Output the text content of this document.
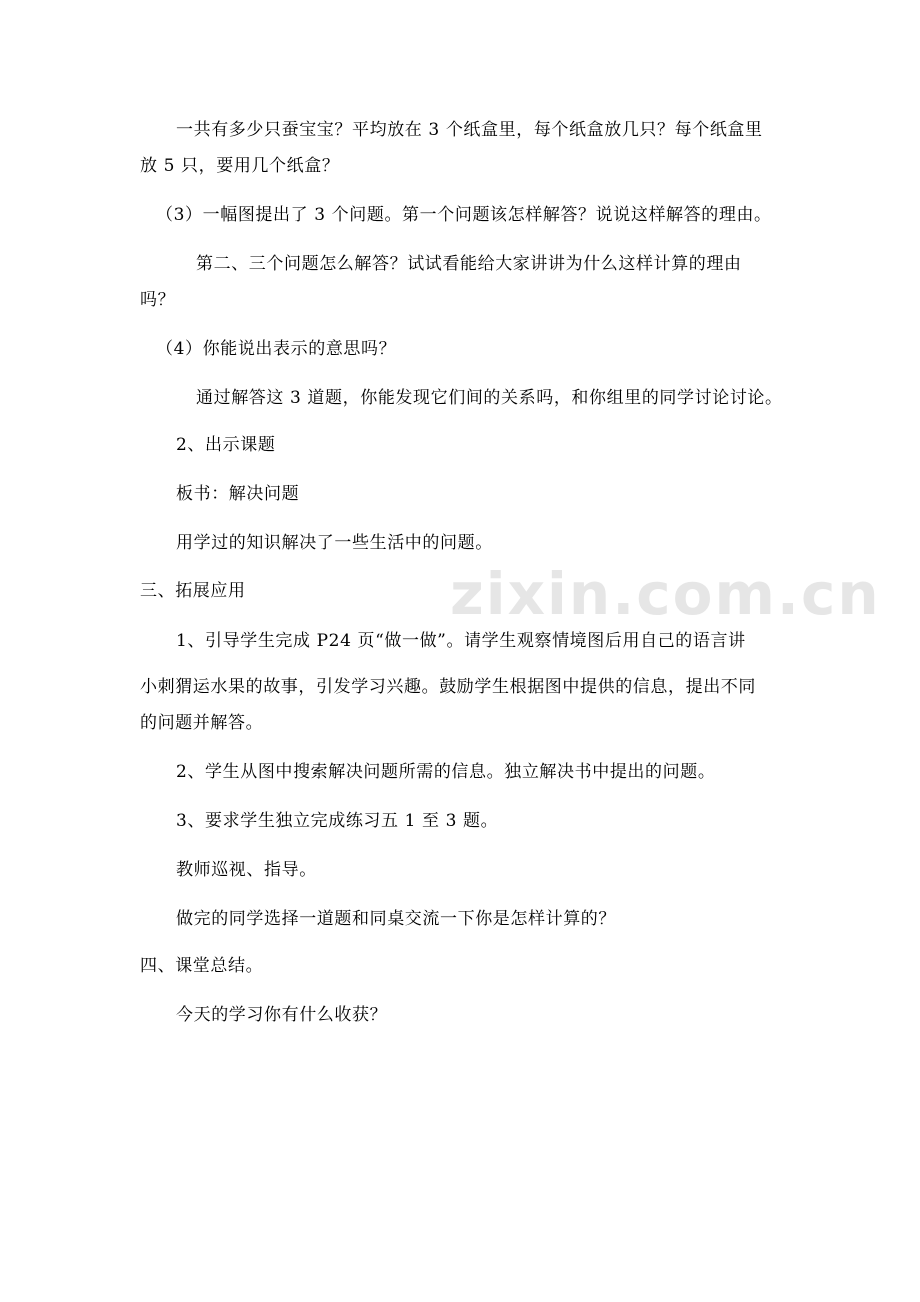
zixin.com.cn
一共有多少只蚕宝宝？平均放在 3 个纸盒里，每个纸盒放几只？每个纸盒里
放 5 只，要用几个纸盒？
（3）一幅图提出了 3 个问题。第一个问题该怎样解答？说说这样解答的理由。
第二、三个问题怎么解答？试试看能给大家讲讲为什么这样计算的理由
吗？
（4）你能说出表示的意思吗？
通过解答这 3 道题，你能发现它们间的关系吗，和你组里的同学讨论讨论。
2、出示课题
板书：解决问题
用学过的知识解决了一些生活中的问题。
三、拓展应用
1、引导学生完成 P24 页“做一做”。请学生观察情境图后用自己的语言讲
小刺猬运水果的故事，引发学习兴趣。鼓励学生根据图中提供的信息，提出不同
的问题并解答。
2、学生从图中搜索解决问题所需的信息。独立解决书中提出的问题。
3、要求学生独立完成练习五 1 至 3 题。
教师巡视、指导。
做完的同学选择一道题和同桌交流一下你是怎样计算的？
四、课堂总结。
今天的学习你有什么收获？
